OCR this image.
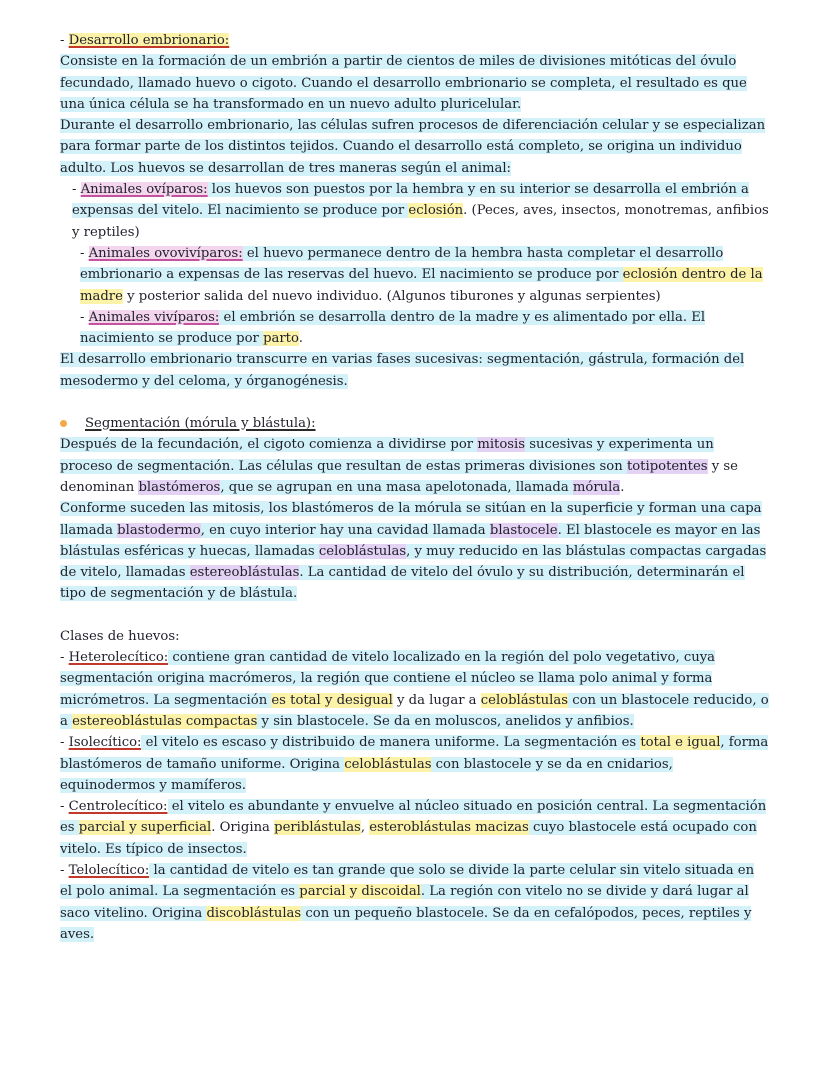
- Desarrollo embrionario:

Consiste en la formación de un embrión a partir de cientos de miles de divisiones mitóticas del óvulo fecundado, llamado huevo o cigoto. Cuando el desarrollo embrionario se completa, el resultado es que una única célula se ha transformado en un nuevo adulto pluricelular.

Durante el desarrollo embrionario, las células sufren procesos de diferenciación celular y se especializan para formar parte de los distintos tejidos. Cuando el desarrollo está completo, se origina un individuo adulto. Los huevos se desarrollan de tres maneras según el animal:

- Animales ovíparos: los huevos son puestos por la hembra y en su interior se desarrolla el embrión a expensas del vitelo. El nacimiento se produce por eclosión. (Peces, aves, insectos, monotremas, anfibios y reptiles)

- Animales ovovivíparos: el huevo permanece dentro de la hembra hasta completar el desarrollo embrionario a expensas de las reservas del huevo. El nacimiento se produce por eclosión dentro de la madre y posterior salida del nuevo individuo. (Algunos tiburones y algunas serpientes)

- Animales vivíparos: el embrión se desarrolla dentro de la madre y es alimentado por ella. El nacimiento se produce por parto.

El desarrollo embrionario transcurre en varias fases sucesivas: segmentación, gástrula, formación del mesodermo y del celoma, y órganogénesis.

Segmentación (mórula y blástula):

Después de la fecundación, el cigoto comienza a dividirse por mitosis sucesivas y experimenta un proceso de segmentación. Las células que resultan de estas primeras divisiones son totipotentes y se denominan blastómeros, que se agrupan en una masa apelotonada, llamada mórula.

Conforme suceden las mitosis, los blastómeros de la mórula se sitúan en la superficie y forman una capa llamada blastodermo, en cuyo interior hay una cavidad llamada blastocele. El blastocele es mayor en las blástulas esféricas y huecas, llamadas celoblástulas, y muy reducido en las blástulas compactas cargadas de vitelo, llamadas estereoblástulas. La cantidad de vitelo del óvulo y su distribución, determinarán el tipo de segmentación y de blástula.

Clases de huevos:

- Heterolecítico: contiene gran cantidad de vitelo localizado en la región del polo vegetativo, cuya segmentación origina macrómeros, la región que contiene el núcleo se llama polo animal y forma micrómetros. La segmentación es total y desigual y da lugar a celoblástulas con un blastocele reducido, o a estereoblástulas compactas y sin blastocele. Se da en moluscos, anelidos y anfibios.

- Isolecítico: el vitelo es escaso y distribuido de manera uniforme. La segmentación es total e igual, forma blastómeros de tamaño uniforme. Origina celoblástulas con blastocele y se da en cnidarios, equinodermos y mamíferos.

- Centrolecítico: el vitelo es abundante y envuelve al núcleo situado en posición central. La segmentación es parcial y superficial. Origina periblástulas, esteroblástulas macizas cuyo blastocele está ocupado con vitelo. Es típico de insectos.

- Telolecítico: la cantidad de vitelo es tan grande que solo se divide la parte celular sin vitelo situada en el polo animal. La segmentación es parcial y discoidal. La región con vitelo no se divide y dará lugar al saco vitelino. Origina discoblástulas con un pequeño blastocele. Se da en cefalópodos, peces, reptiles y aves.
